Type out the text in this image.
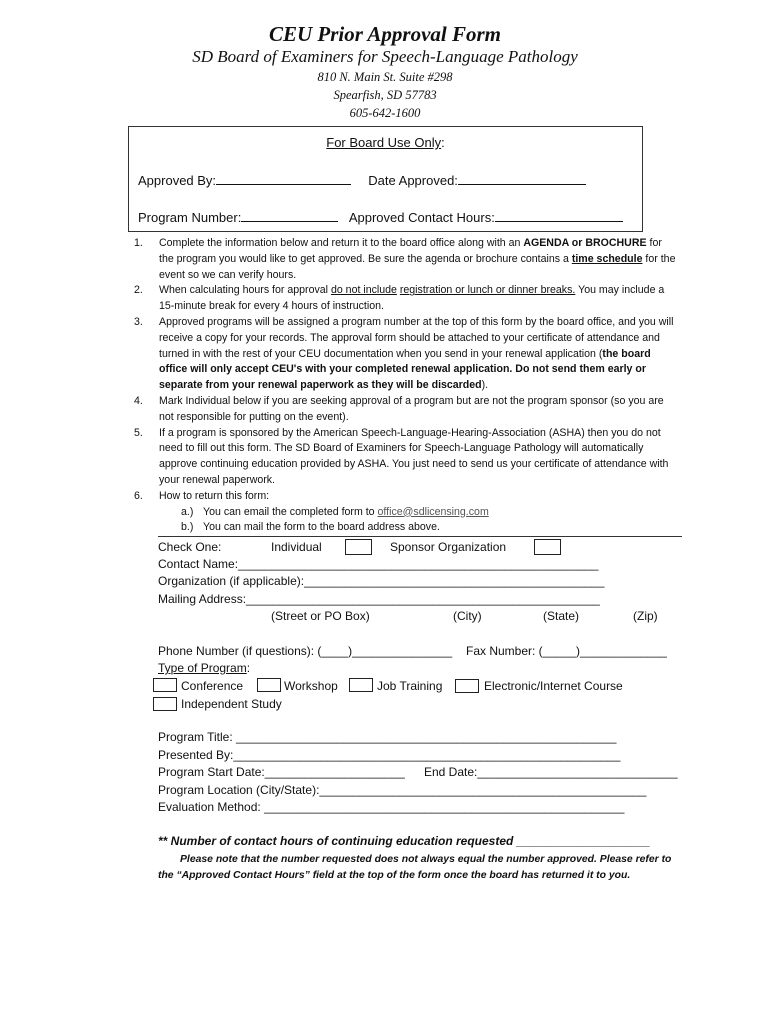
CEU Prior Approval Form
SD Board of Examiners for Speech-Language Pathology
810 N. Main St. Suite #298
Spearfish, SD 57783
605-642-1600
For Board Use Only:
Approved By:	Date Approved:
Program Number:	Approved Contact Hours:
1. Complete the information below and return it to the board office along with an AGENDA or BROCHURE for the program you would like to get approved. Be sure the agenda or brochure contains a time schedule for the event so we can verify hours.
2. When calculating hours for approval do not include registration or lunch or dinner breaks. You may include a 15-minute break for every 4 hours of instruction.
3. Approved programs will be assigned a program number at the top of this form by the board office, and you will receive a copy for your records. The approval form should be attached to your certificate of attendance and turned in with the rest of your CEU documentation when you send in your renewal application (the board office will only accept CEU's with your completed renewal application. Do not send them early or separate from your renewal paperwork as they will be discarded).
4. Mark Individual below if you are seeking approval of a program but are not the program sponsor (so you are not responsible for putting on the event).
5. If a program is sponsored by the American Speech-Language-Hearing-Association (ASHA) then you do not need to fill out this form. The SD Board of Examiners for Speech-Language Pathology will automatically approve continuing education provided by ASHA. You just need to send us your certificate of attendance with your renewal paperwork.
6. How to return this form:
a.) You can email the completed form to office@sdlicensing.com
b.) You can mail the form to the board address above.
Check One:	Individual	Sponsor Organization
Contact Name:______________________________________________________
Organization (if applicable):_____________________________________________
Mailing Address:_____________________________________________________
(Street or PO Box)	(City)	(State)	(Zip)
Phone Number (if questions): (____)_______________ Fax Number: (_____)_____________
Type of Program:
Conference	Workshop	Job Training	Electronic/Internet Course
Independent Study
Program Title: _________________________________________________________
Presented By:__________________________________________________________
Program Start Date:_____________________ End Date:______________________________
Program Location (City/State):_________________________________________________
Evaluation Method: ______________________________________________________
** Number of contact hours of continuing education requested ____________________
Please note that the number requested does not always equal the number approved. Please refer to the “Approved Contact Hours” field at the top of the form once the board has returned it to you.
